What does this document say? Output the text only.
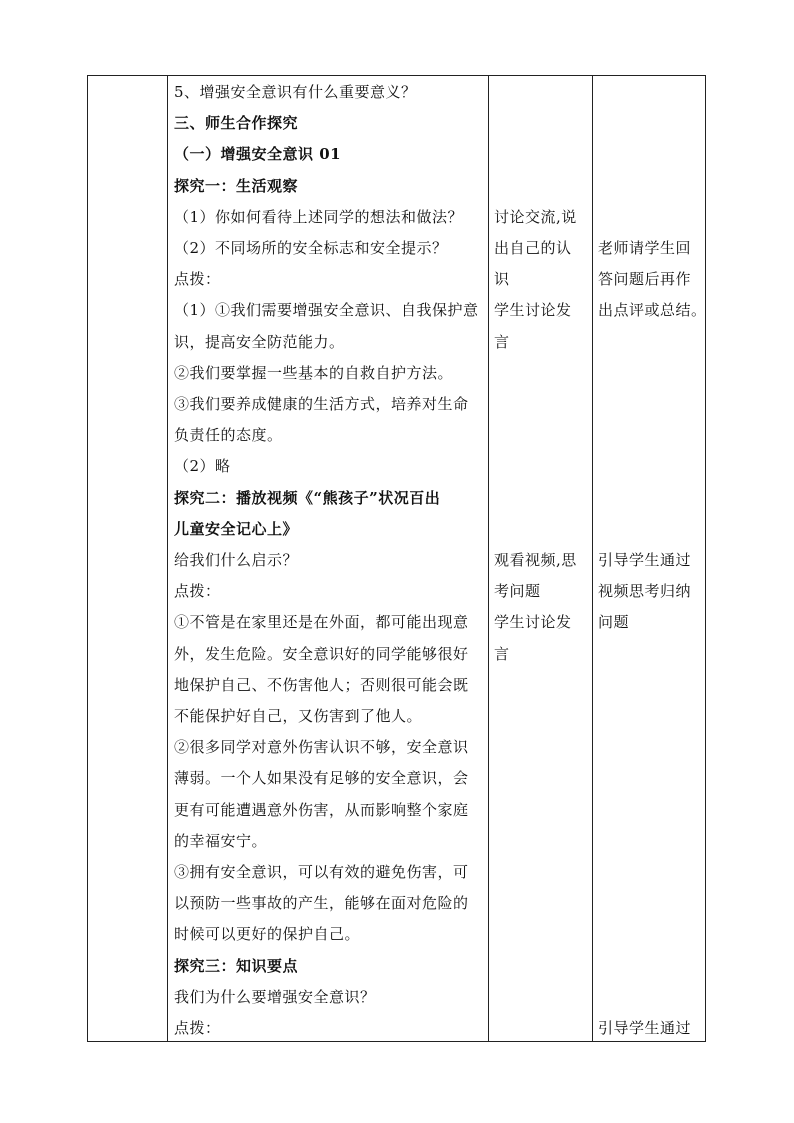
5、增强安全意识有什么重要意义？
三、师生合作探究
（一）增强安全意识 01
探究一：生活观察
（1）你如何看待上述同学的想法和做法？
（2）不同场所的安全标志和安全提示？
点拨：
（1）①我们需要增强安全意识、自我保护意
识，提高安全防范能力。
②我们要掌握一些基本的自救自护方法。
③我们要养成健康的生活方式，培养对生命
负责任的态度。
（2）略
探究二：播放视频《“熊孩子”状况百出
儿童安全记心上》
给我们什么启示？
点拨：
①不管是在家里还是在外面，都可能出现意
外，发生危险。安全意识好的同学能够很好
地保护自己、不伤害他人；否则很可能会既
不能保护好自己，又伤害到了他人。
②很多同学对意外伤害认识不够，安全意识
薄弱。一个人如果没有足够的安全意识，会
更有可能遭遇意外伤害，从而影响整个家庭
的幸福安宁。
③拥有安全意识，可以有效的避免伤害，可
以预防一些事故的产生，能够在面对危险的
时候可以更好的保护自己。
探究三：知识要点
我们为什么要增强安全意识？
点拨：
讨论交流,说
出自己的认
识
学生讨论发
言
观看视频,思
考问题
学生讨论发
言
老师请学生回
答问题后再作
出点评或总结。
引导学生通过
视频思考归纳
问题
引导学生通过
